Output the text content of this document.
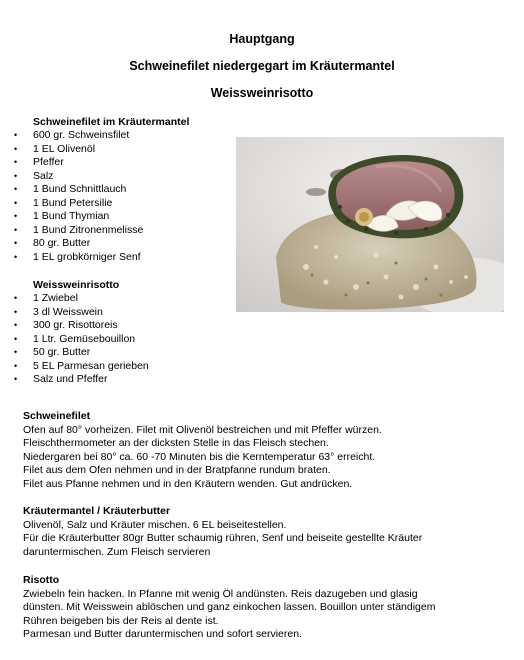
Hauptgang
Schweinefilet niedergegart im Kräutermantel
Weissweinrisotto
Schweinefilet im Kräutermantel
• 600 gr. Schweinsfilet
• 1 EL Olivenöl
• Pfeffer
• Salz
• 1 Bund Schnittlauch
• 1 Bund Petersilie
• 1 Bund Thymian
• 1 Bund Zitronenmelisse
• 80 gr. Butter
• 1 EL grobkörniger Senf
Weissweinrisotto
• 1 Zwiebel
• 3 dl Weisswein
• 300 gr. Risottoreis
• 1 Ltr. Gemüsebouillon
• 50 gr. Butter
• 5 EL Parmesan gerieben
• Salz und Pfeffer
Schweinefilet
Ofen auf 80° vorheizen. Filet mit Olivenöl bestreichen und mit Pfeffer würzen.
Fleischthermometer an der dicksten Stelle in das Fleisch stechen.
Niedergaren bei 80° ca. 60 -70 Minuten bis die Kerntemperatur 63° erreicht.
Filet aus dem Ofen nehmen und in der Bratpfanne rundum braten.
Filet aus Pfanne nehmen und in den Kräutern wenden. Gut andrücken.
Kräutermantel / Kräuterbutter
Olivenöl, Salz und Kräuter mischen. 6 EL beiseitestellen.
Für die Kräuterbutter 80gr Butter schaumig rühren, Senf und beiseite gestellte Kräuter
daruntermischen. Zum Fleisch servieren
Risotto
Zwiebeln fein hacken. In Pfanne mit wenig Öl andünsten. Reis dazugeben und glasig
dünsten. Mit Weisswein ablöschen und ganz einkochen lassen. Bouillon unter ständigem
Rühren beigeben bis der Reis al dente ist.
Parmesan und Butter daruntermischen und sofort servieren.
